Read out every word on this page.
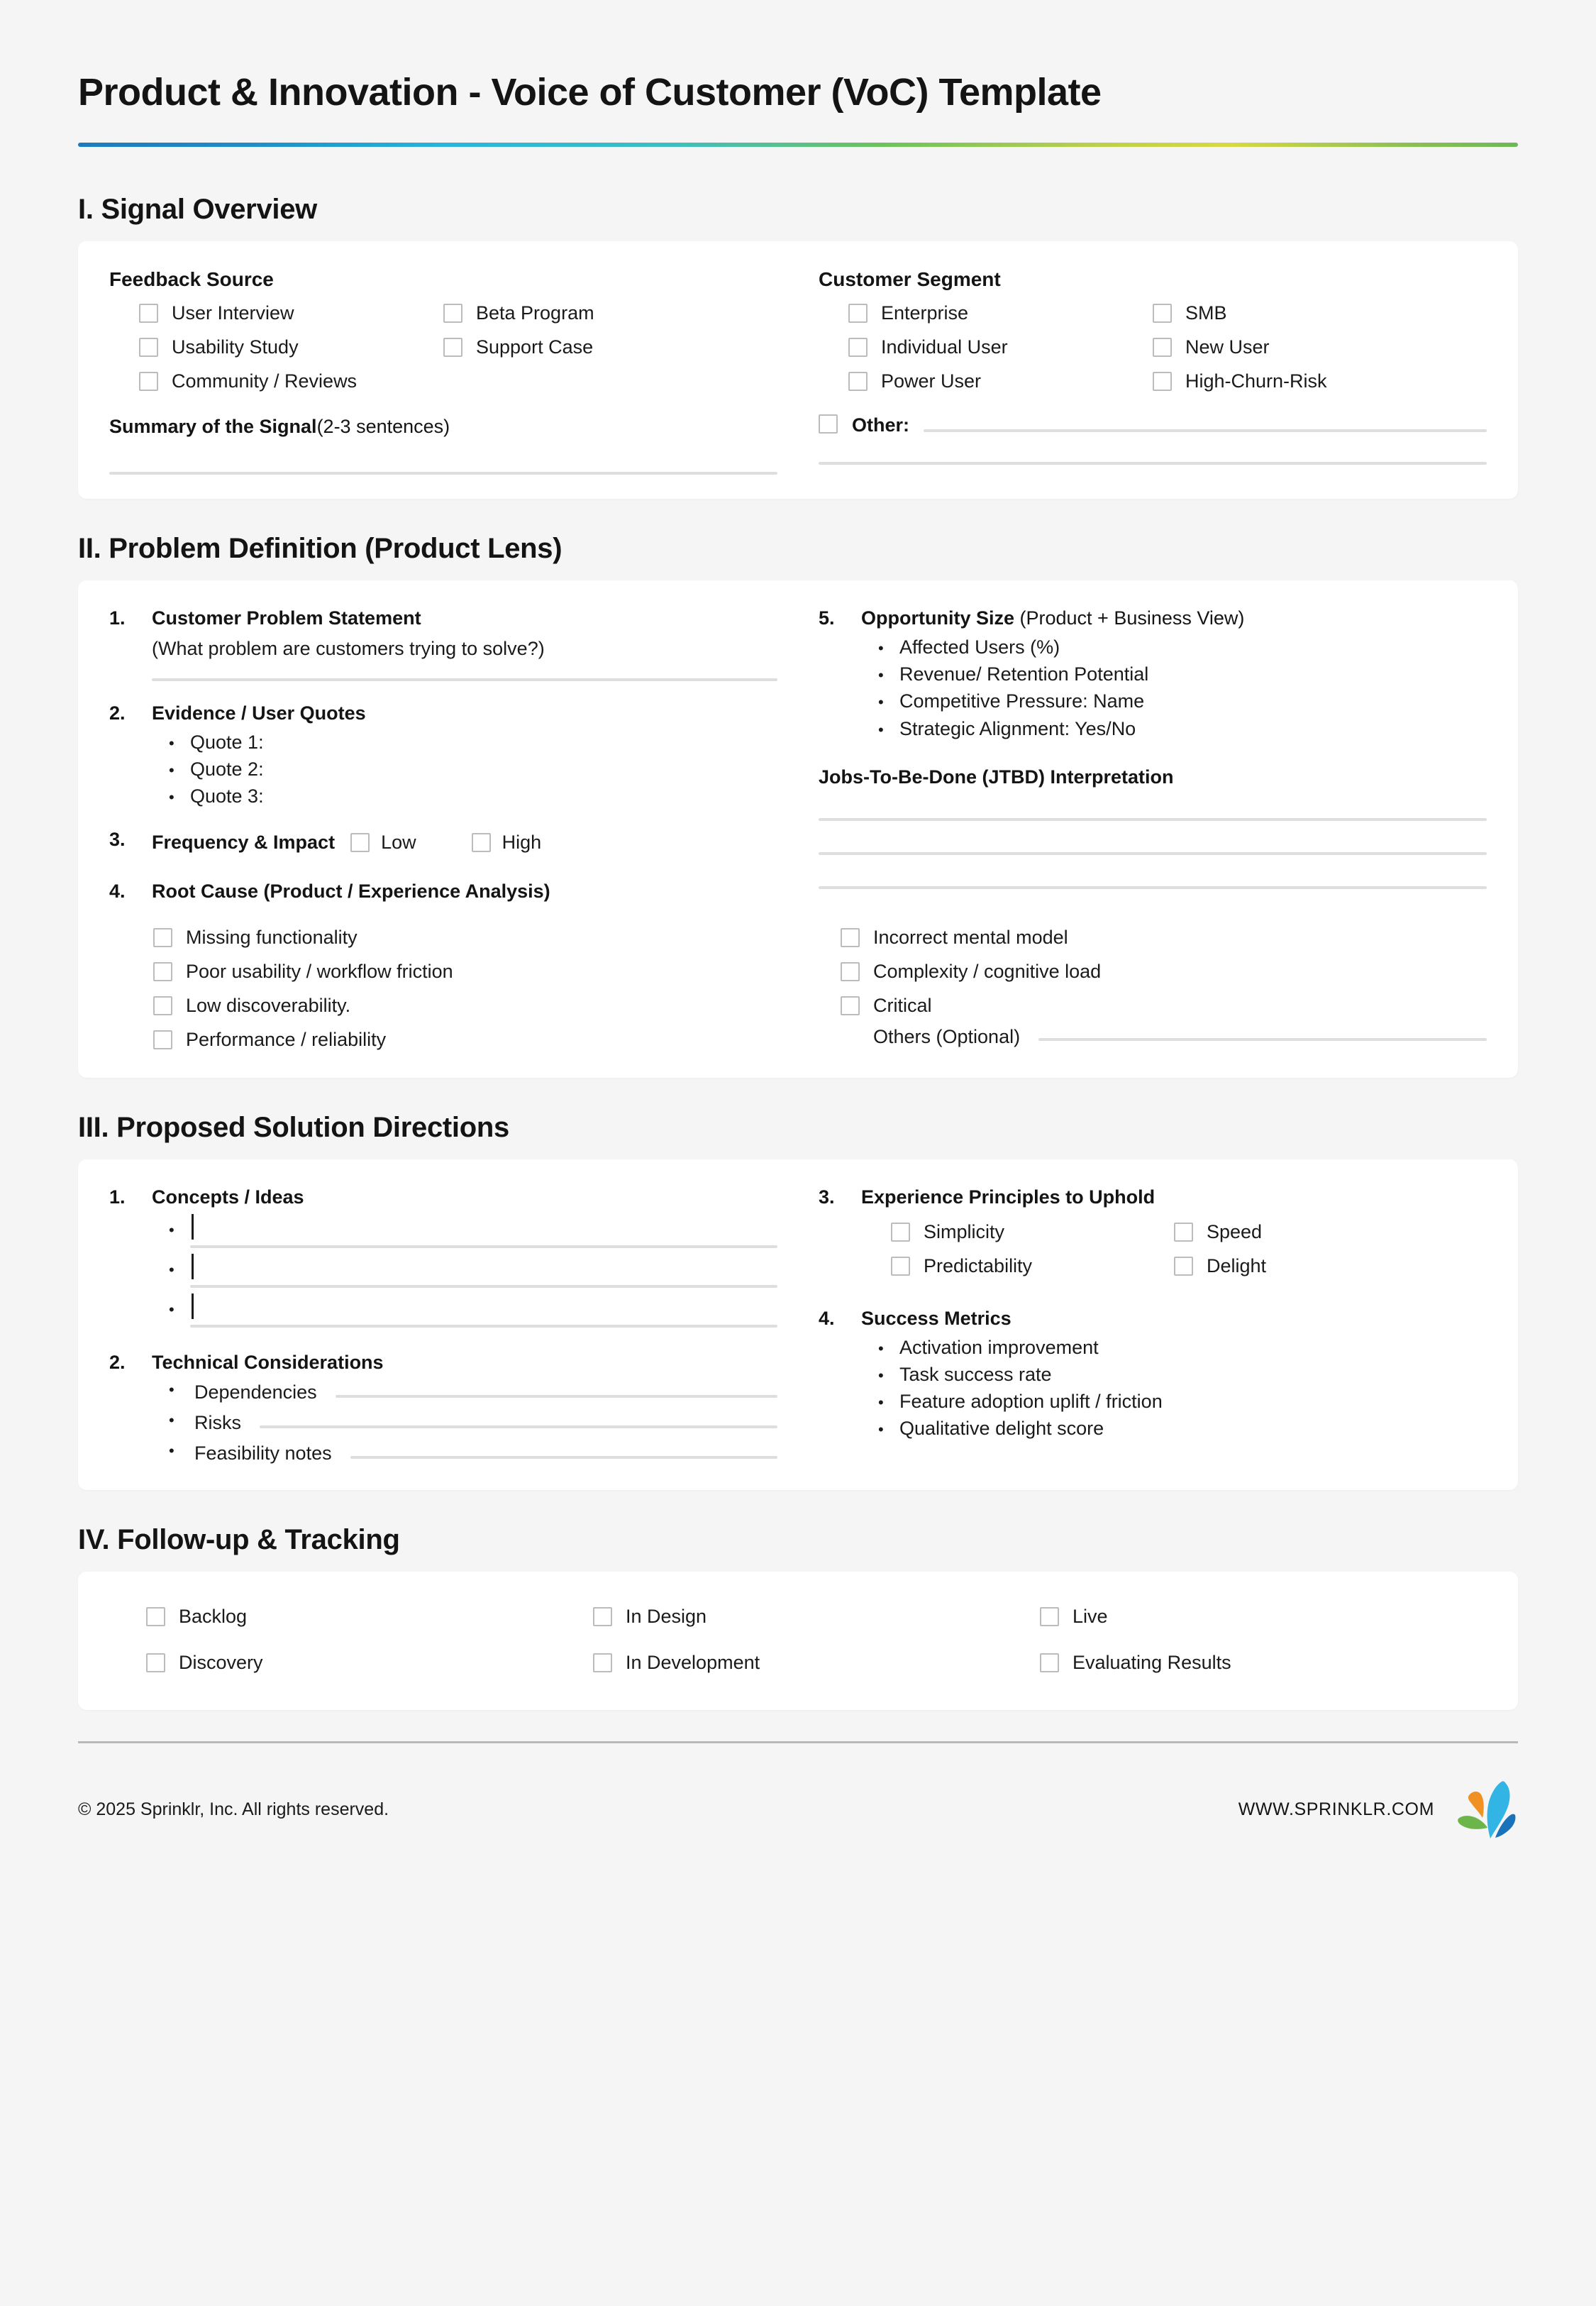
Product & Innovation - Voice of Customer (VoC) Template
I. Signal Overview
Feedback Source
User Interview	Beta Program
Usability Study	Support Case
Community / Reviews
Summary of the Signal(2-3 sentences)
Customer Segment
Enterprise	SMB
Individual User	New User
Power User	High-Churn-Risk
Other:
II. Problem Definition (Product Lens)
1.	Customer Problem Statement
(What problem are customers trying to solve?)
2.	Evidence / User Quotes
• Quote 1:
• Quote 2:
• Quote 3:
3.	Frequency & Impact Low	High
4.	Root Cause (Product / Experience Analysis)
5.	Opportunity Size (Product + Business View)
• Affected Users (%)
• Revenue/ Retention Potential
• Competitive Pressure: Name
• Strategic Alignment: Yes/No
Jobs-To-Be-Done (JTBD) Interpretation
Missing functionality
Poor usability / workflow friction
Low discoverability.
Performance / reliability
Incorrect mental model
Complexity / cognitive load
Critical
Others (Optional)
III. Proposed Solution Directions
1.	Concepts / Ideas
•
•
•
2.	Technical Considerations
• Dependencies
• Risks
• Feasibility notes
3.	Experience Principles to Uphold
Simplicity	Speed
Predictability	Delight
4.	Success Metrics
• Activation improvement
• Task success rate
• Feature adoption uplift / friction
• Qualitative delight score
IV. Follow-up & Tracking
Backlog	In Design	Live
Discovery	In Development	Evaluating Results
© 2025 Sprinklr, Inc. All rights reserved.	WWW.SPRINKLR.COM
